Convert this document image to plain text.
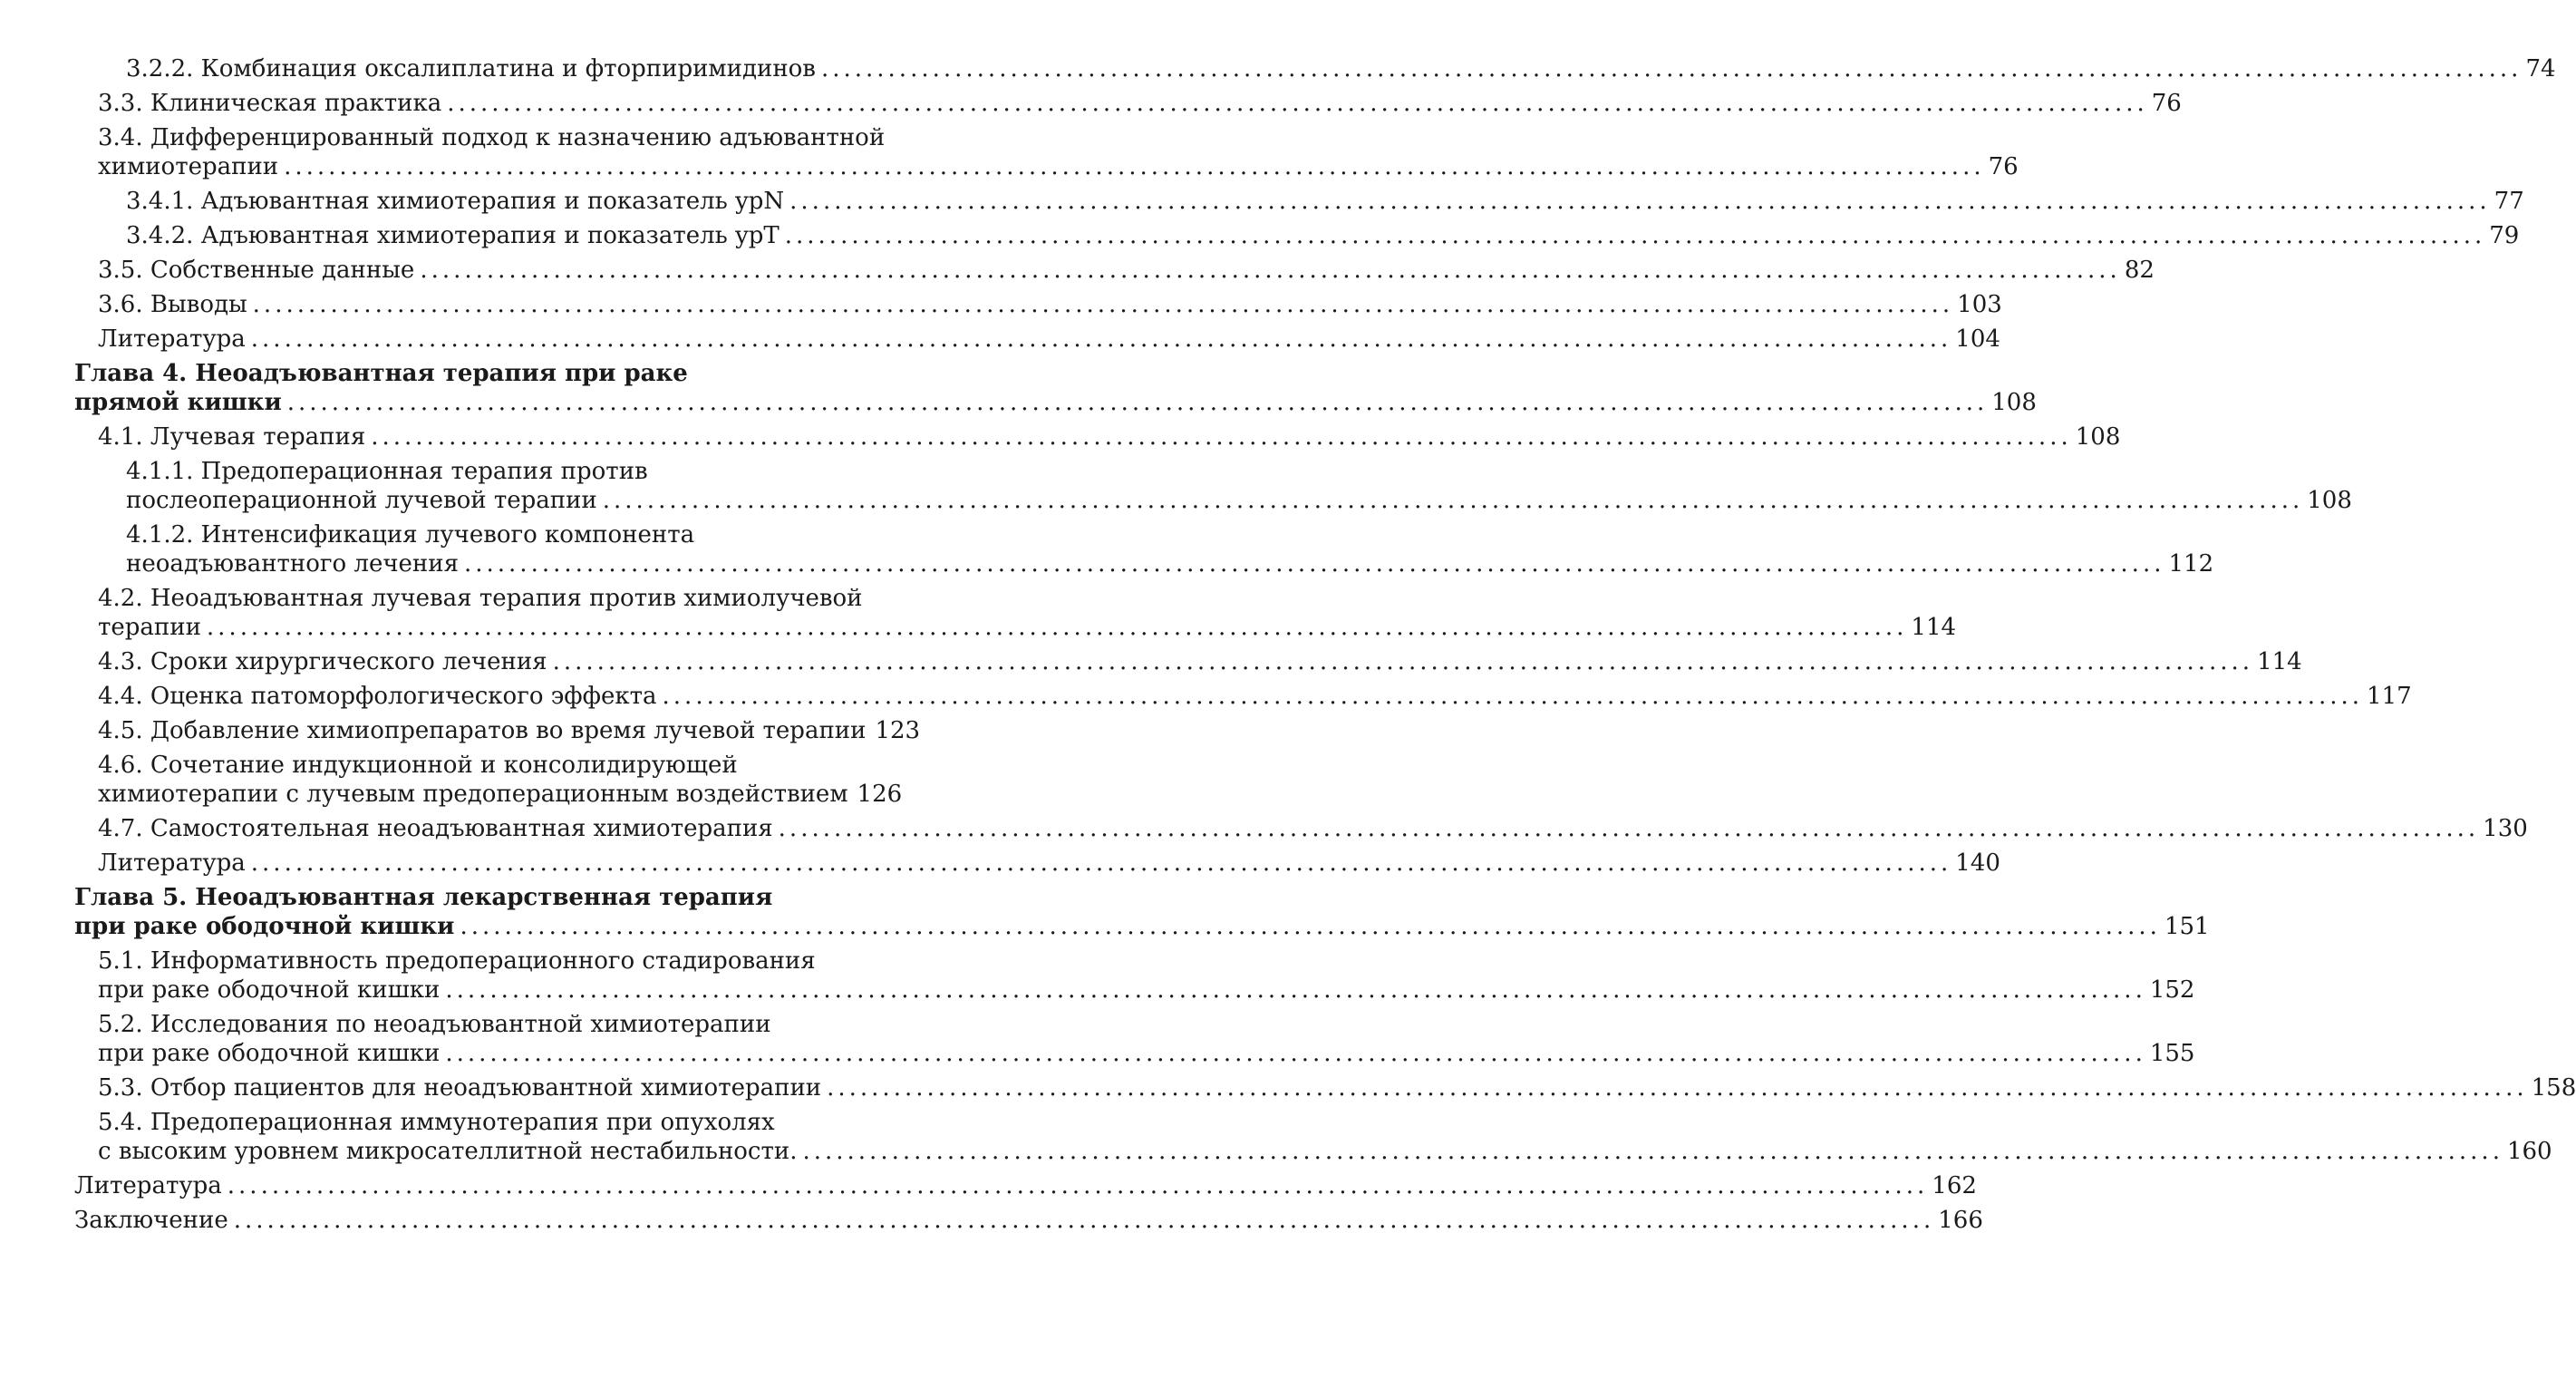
3.2.2. Комбинация оксалиплатина и фторпиримидинов .....	74
3.3. Клиническая практика .....	76
3.4. Дифференцированный подход к назначению адъювантной
химиотерапии .....	76
3.4.1. Адъювантная химиотерапия и показатель ypN .....	77
3.4.2. Адъювантная химиотерапия и показатель ypT .....	79
3.5. Собственные данные .....	82
3.6. Выводы .....	103
Литература .....	104
Глава 4. Неоадъювантная терапия при раке
прямой кишки .....	108
4.1. Лучевая терапия .....	108
4.1.1. Предоперационная терапия против
послеоперационной лучевой терапии .....	108
4.1.2. Интенсификация лучевого компонента
неоадъювантного лечения .....	112
4.2. Неоадъювантная лучевая терапия против химиолучевой
терапии .....	114
4.3. Сроки хирургического лечения .....	114
4.4. Оценка патоморфологического эффекта .....	117
4.5. Добавление химиопрепаратов во время лучевой терапии 123
4.6. Сочетание индукционной и консолидирующей
химиотерапии с лучевым предоперационным воздействием 126
4.7. Самостоятельная неоадъювантная химиотерапия .....	130
Литература .....	140
Глава 5. Неоадъювантная лекарственная терапия
при раке ободочной кишки .....	151
5.1. Информативность предоперационного стадирования
при раке ободочной кишки .....	152
5.2. Исследования по неоадъювантной химиотерапии
при раке ободочной кишки .....	155
5.3. Отбор пациентов для неоадъювантной химиотерапии .....	158
5.4. Предоперационная иммунотерапия при опухолях
с высоким уровнем микросателлитной нестабильности. .....	160
Литература .....	162
Заключение .....	166
